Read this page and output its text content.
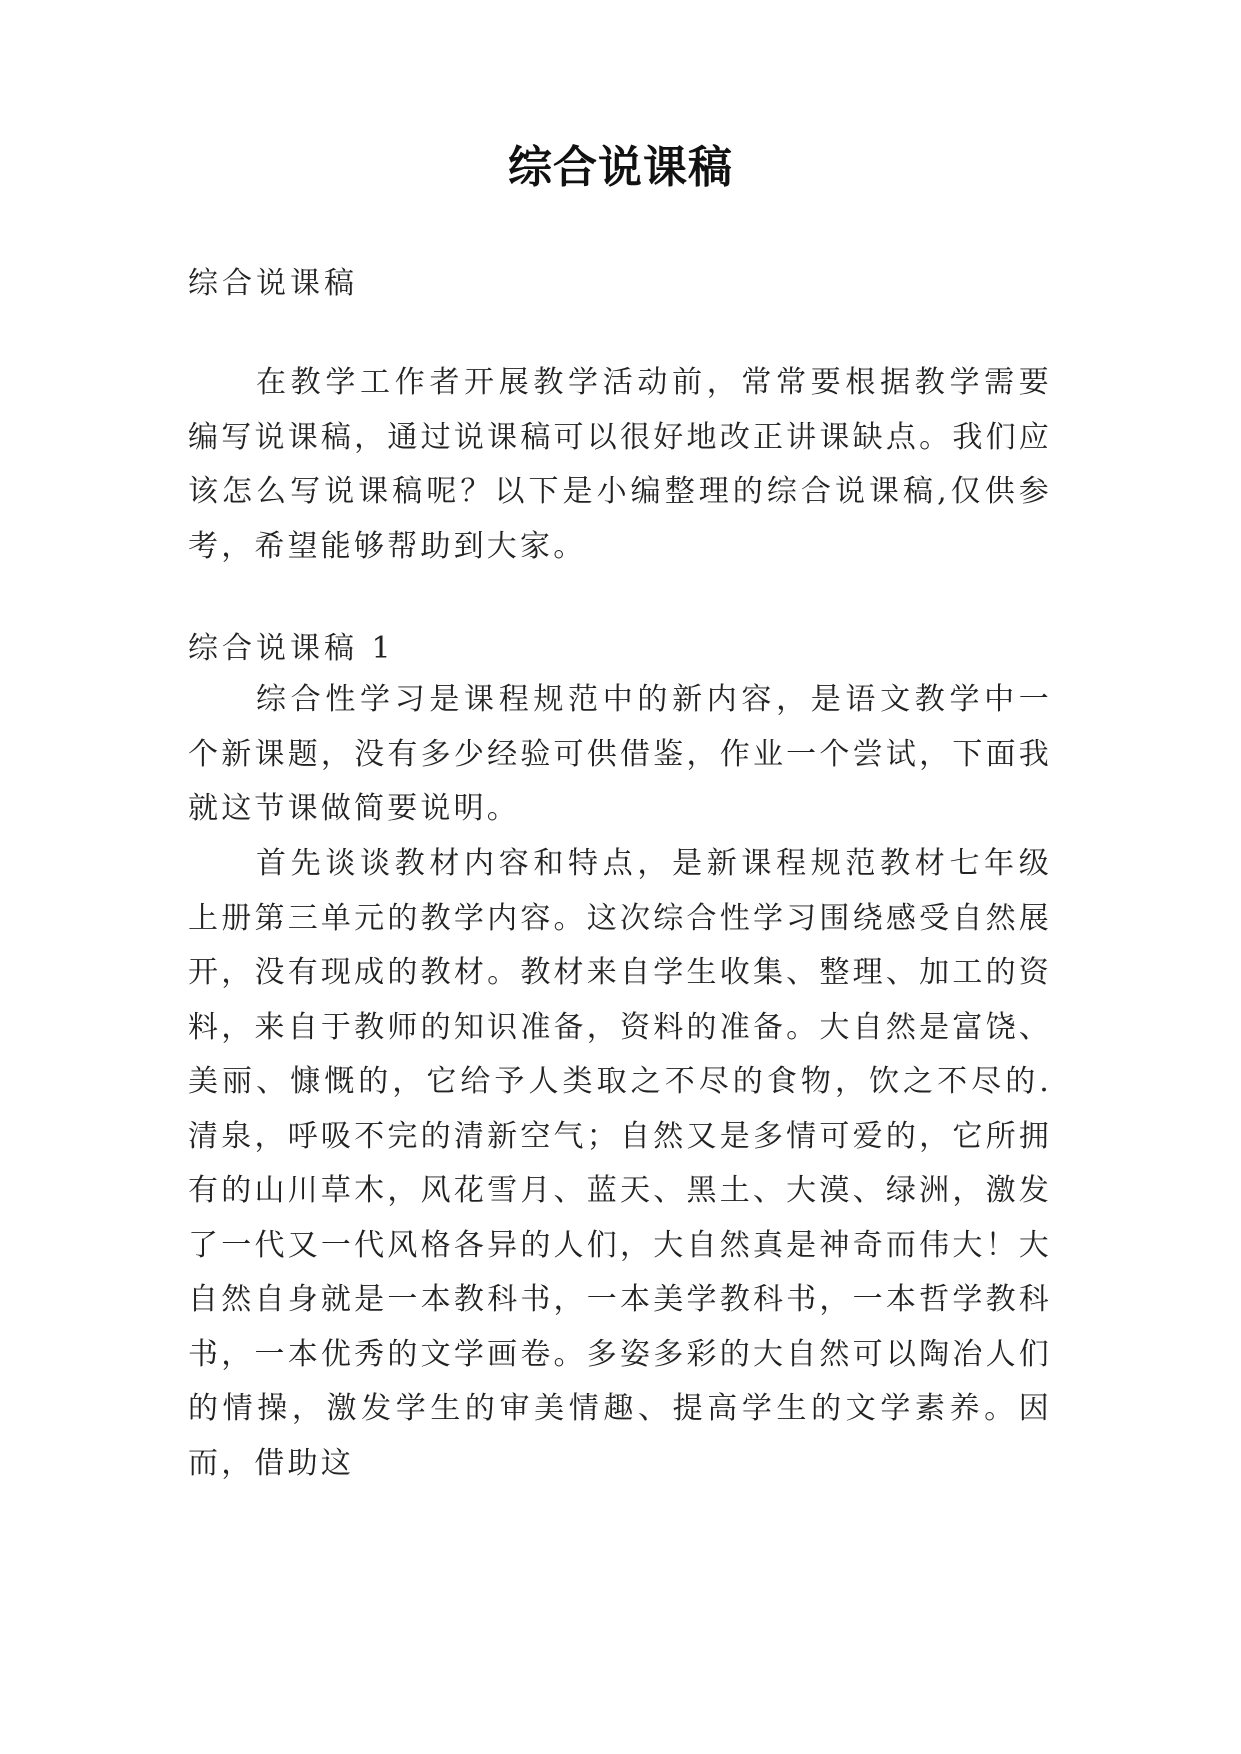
综合说课稿
综合说课稿

在教学工作者开展教学活动前，常常要根据教学需要编写说课稿，通过说课稿可以很好地改正讲课缺点。我们应该怎么写说课稿呢？以下是小编整理的综合说课稿,仅供参考，希望能够帮助到大家。

综合说课稿 1

综合性学习是课程规范中的新内容，是语文教学中一个新课题，没有多少经验可供借鉴，作业一个尝试，下面我就这节课做简要说明。

首先谈谈教材内容和特点，是新课程规范教材七年级上册第三单元的教学内容。这次综合性学习围绕感受自然展开，没有现成的教材。教材来自学生收集、整理、加工的资料，来自于教师的知识准备，资料的准备。大自然是富饶、美丽、慷慨的，它给予人类取之不尽的食物，饮之不尽的.清泉，呼吸不完的清新空气；自然又是多情可爱的，它所拥有的山川草木，风花雪月、蓝天、黑土、大漠、绿洲，激发了一代又一代风格各异的人们，大自然真是神奇而伟大！大自然自身就是一本教科书，一本美学教科书，一本哲学教科书，一本优秀的文学画卷。多姿多彩的大自然可以陶冶人们的情操，激发学生的审美情趣、提高学生的文学素养。因而，借助这
